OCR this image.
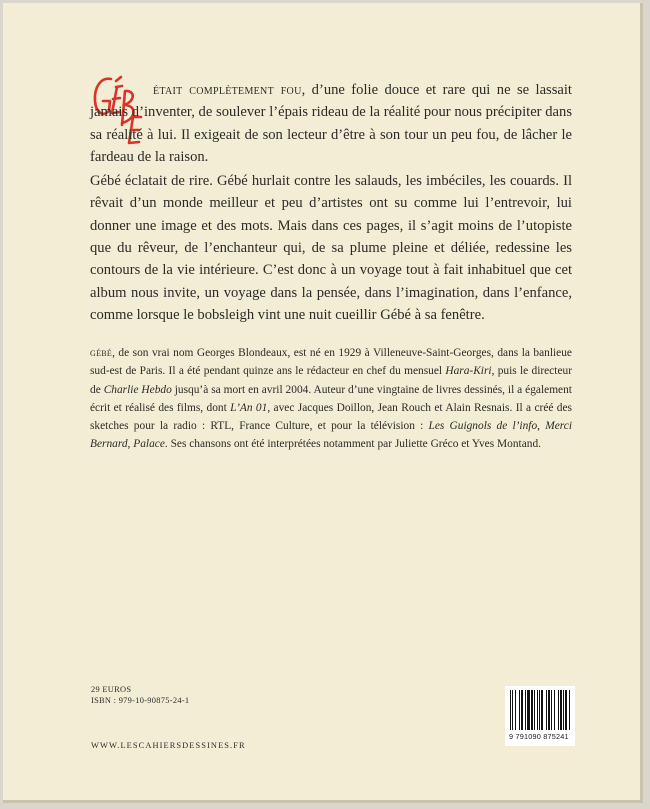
était complètement fou, d’une folie douce et rare qui ne se lassait jamais d’inventer, de soulever l’épais rideau de la réalité pour nous précipiter dans sa réalité à lui. Il exigeait de son lecteur d’être à son tour un peu fou, de lâcher le fardeau de la raison.

Gébé éclatait de rire. Gébé hurlait contre les salauds, les imbéciles, les couards. Il rêvait d’un monde meilleur et peu d’artistes ont su comme lui l’entrevoir, lui donner une image et des mots. Mais dans ces pages, il s’agit moins de l’utopiste que du rêveur, de l’enchanteur qui, de sa plume pleine et déliée, redessine les contours de la vie intérieure. C’est donc à un voyage tout à fait inhabituel que cet album nous invite, un voyage dans la pensée, dans l’imagination, dans l’enfance, comme lorsque le bobsleigh vint une nuit cueillir Gébé à sa fenêtre.

gébé, de son vrai nom Georges Blondeaux, est né en 1929 à Villeneuve-Saint-Georges, dans la banlieue sud-est de Paris. Il a été pendant quinze ans le rédacteur en chef du mensuel Hara-Kiri, puis le directeur de Charlie Hebdo jusqu’à sa mort en avril 2004. Auteur d’une vingtaine de livres dessinés, il a également écrit et réalisé des films, dont L’An 01, avec Jacques Doillon, Jean Rouch et Alain Resnais. Il a créé des sketches pour la radio : RTL, France Culture, et pour la télévision : Les Guignols de l’info, Merci Bernard, Palace. Ses chansons ont été interprétées notamment par Juliette Gréco et Yves Montand.

29 EUROS
ISBN : 979-10-90875-24-1
WWW.LESCAHIERSDESSINES.FR
9 791090 875241
